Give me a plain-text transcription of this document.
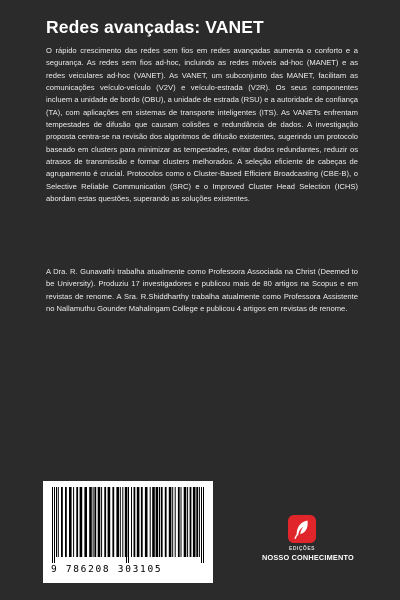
Redes avançadas: VANET

O rápido crescimento das redes sem fios em redes avançadas aumenta o conforto e a segurança. As redes sem fios ad-hoc, incluindo as redes móveis ad-hoc (MANET) e as redes veiculares ad-hoc (VANET). As VANET, um subconjunto das MANET, facilitam as comunicações veículo-veículo (V2V) e veículo-estrada (V2R). Os seus componentes incluem a unidade de bordo (OBU), a unidade de estrada (RSU) e a autoridade de confiança (TA), com aplicações em sistemas de transporte inteligentes (ITS). As VANETs enfrentam tempestades de difusão que causam colisões e redundância de dados. A investigação proposta centra-se na revisão dos algoritmos de difusão existentes, sugerindo um protocolo baseado em clusters para minimizar as tempestades, evitar dados redundantes, reduzir os atrasos de transmissão e formar clusters melhorados. A seleção eficiente de cabeças de agrupamento é crucial. Protocolos como o Cluster-Based Efficient Broadcasting (CBE-B), o Selective Reliable Communication (SRC) e o Improved Cluster Head Selection (ICHS) abordam estas questões, superando as soluções existentes.

A Dra. R. Gunavathi trabalha atualmente como Professora Associada na Christ (Deemed to be University). Produziu 17 investigadores e publicou mais de 80 artigos na Scopus e em revistas de renome. A Sra. R.Shiddharthy trabalha atualmente como Professora Assistente no Nallamuthu Gounder Mahalingam College e publicou 4 artigos em revistas de renome.

9 786208 303105
EDIÇÕES
NOSSO CONHECIMENTO
